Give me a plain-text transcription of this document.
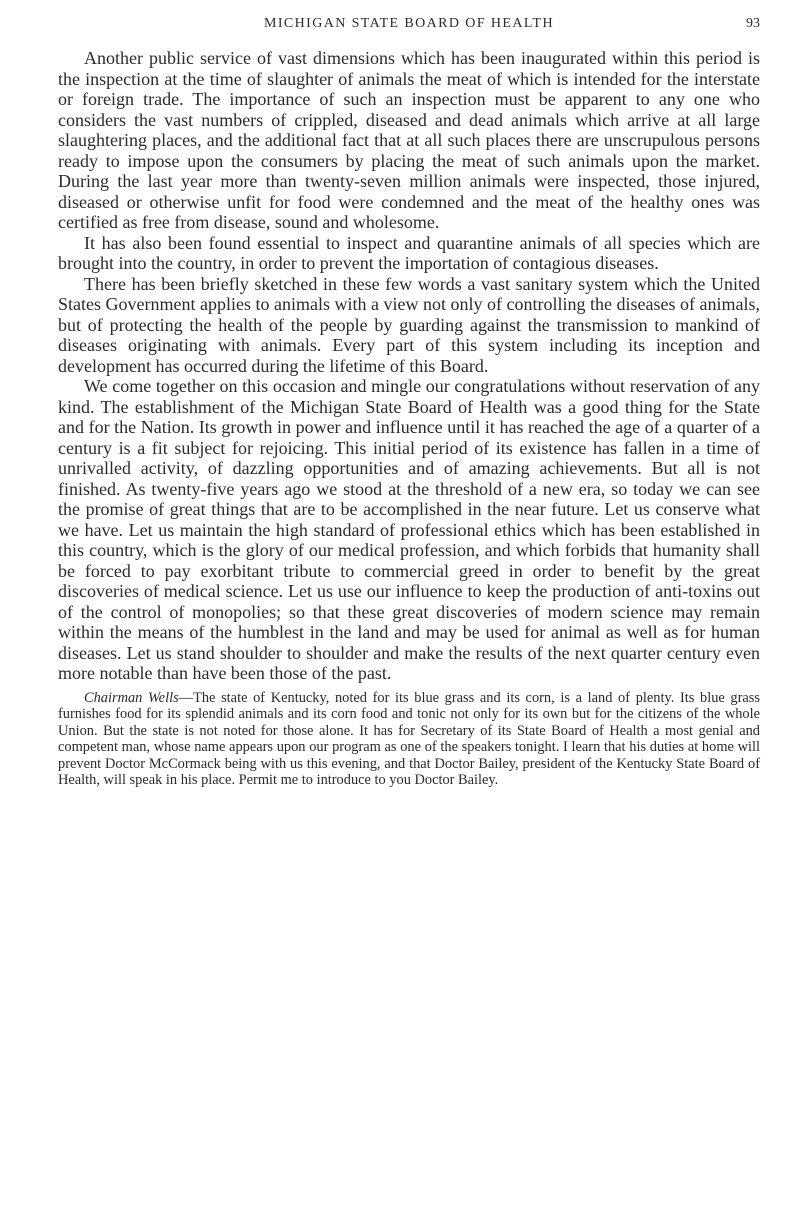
MICHIGAN STATE BOARD OF HEALTH	93

Another public service of vast dimensions which has been inaugurated within this period is the inspection at the time of slaughter of animals the meat of which is intended for the interstate or foreign trade. The importance of such an inspection must be apparent to any one who considers the vast numbers of crippled, diseased and dead animals which arrive at all large slaughtering places, and the additional fact that at all such places there are unscrupulous persons ready to impose upon the consumers by placing the meat of such animals upon the market. During the last year more than twenty-seven million animals were inspected, those injured, diseased or otherwise unfit for food were condemned and the meat of the healthy ones was certified as free from disease, sound and wholesome.

It has also been found essential to inspect and quarantine animals of all species which are brought into the country, in order to prevent the importation of contagious diseases.

There has been briefly sketched in these few words a vast sanitary system which the United States Government applies to animals with a view not only of controlling the diseases of animals, but of protecting the health of the people by guarding against the transmission to mankind of diseases originating with animals. Every part of this system including its inception and development has occurred during the lifetime of this Board.

We come together on this occasion and mingle our congratulations without reservation of any kind. The establishment of the Michigan State Board of Health was a good thing for the State and for the Nation. Its growth in power and influence until it has reached the age of a quarter of a century is a fit subject for rejoicing. This initial period of its existence has fallen in a time of unrivalled activity, of dazzling opportunities and of amazing achievements. But all is not finished. As twenty-five years ago we stood at the threshold of a new era, so today we can see the promise of great things that are to be accomplished in the near future. Let us conserve what we have. Let us maintain the high standard of professional ethics which has been established in this country, which is the glory of our medical profession, and which forbids that humanity shall be forced to pay exorbitant tribute to commercial greed in order to benefit by the great discoveries of medical science. Let us use our influence to keep the production of anti-toxins out of the control of monopolies; so that these great discoveries of modern science may remain within the means of the humblest in the land and may be used for animal as well as for human diseases. Let us stand shoulder to shoulder and make the results of the next quarter century even more notable than have been those of the past.

Chairman Wells—The state of Kentucky, noted for its blue grass and its corn, is a land of plenty. Its blue grass furnishes food for its splendid animals and its corn food and tonic not only for its own but for the citizens of the whole Union. But the state is not noted for those alone. It has for Secretary of its State Board of Health a most genial and competent man, whose name appears upon our program as one of the speakers tonight. I learn that his duties at home will prevent Doctor McCormack being with us this evening, and that Doctor Bailey, president of the Kentucky State Board of Health, will speak in his place. Permit me to introduce to you Doctor Bailey.
